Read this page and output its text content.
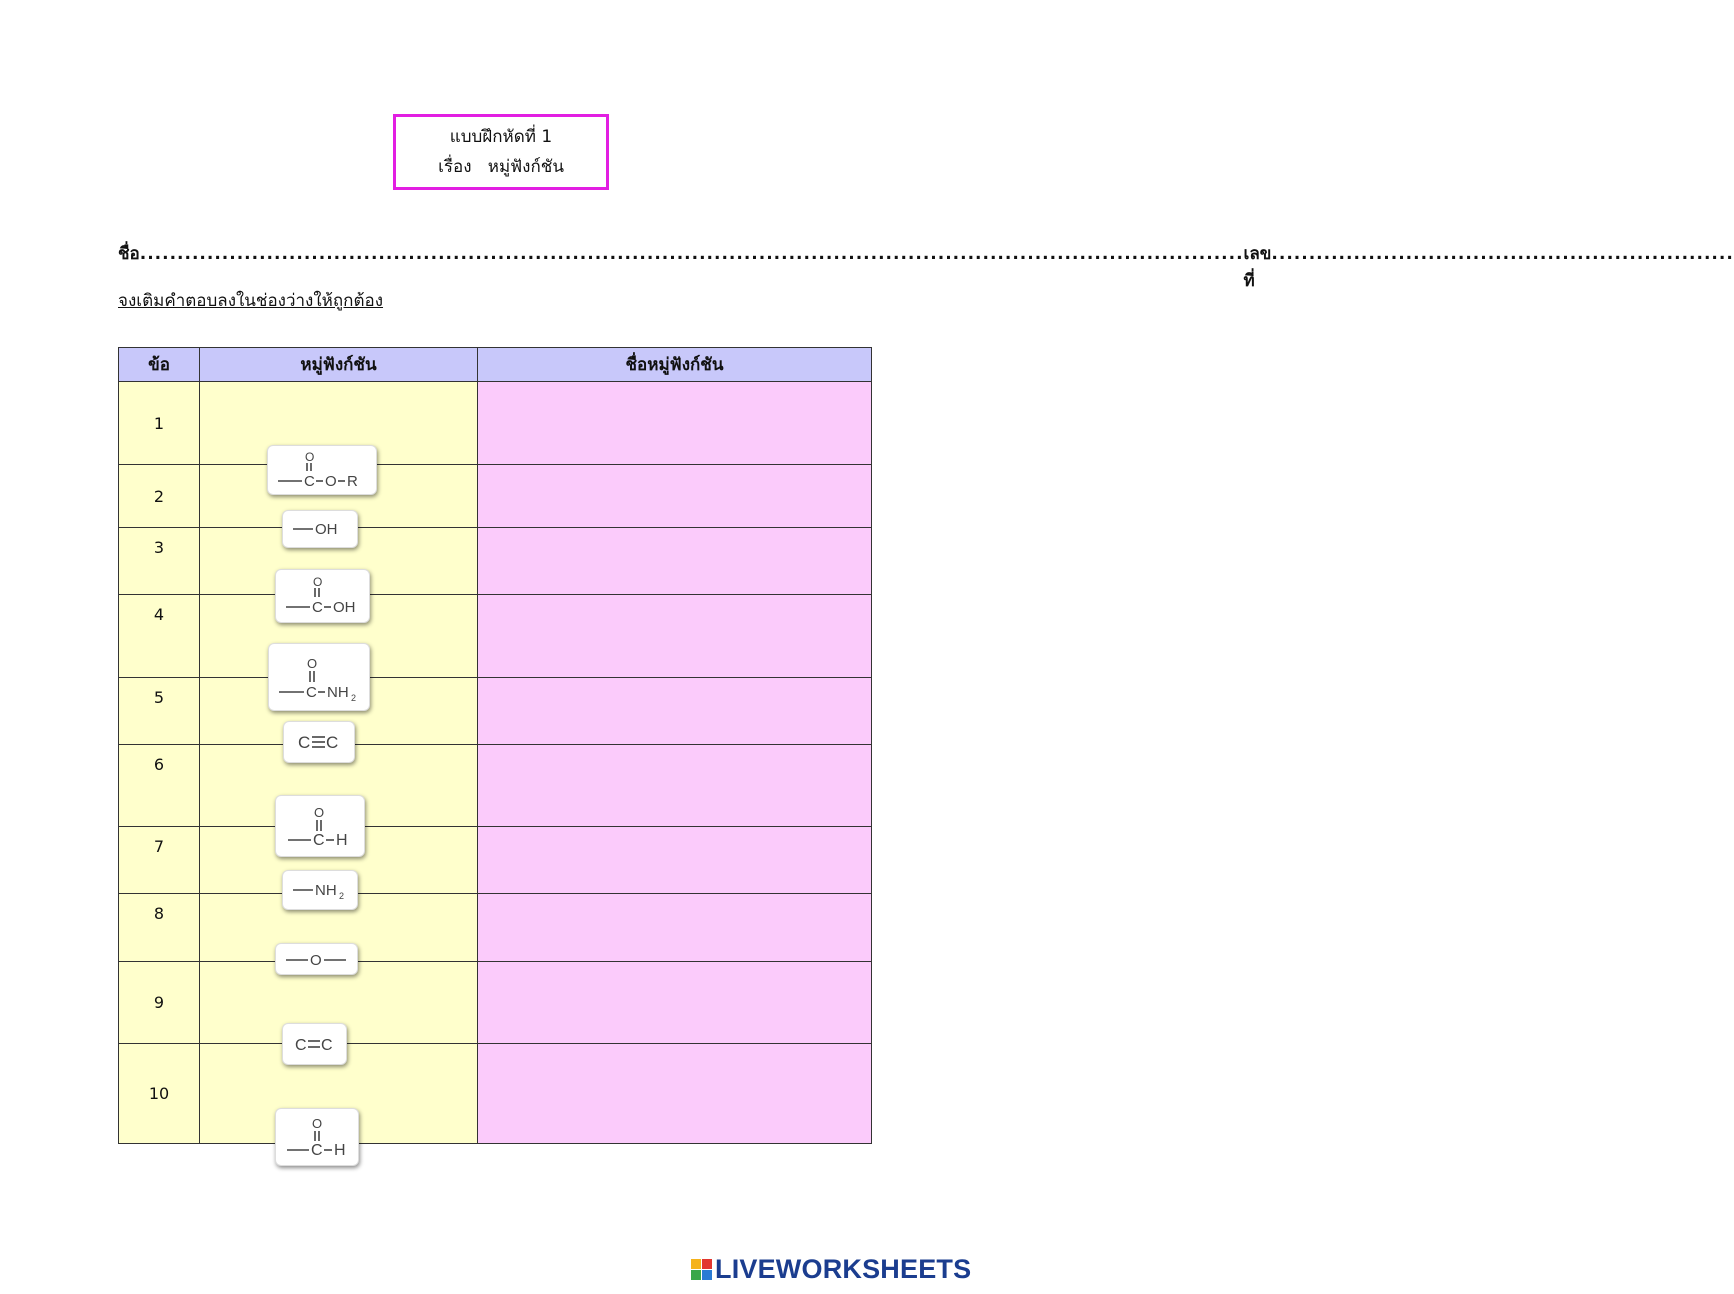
แบบฝึกหัดที่ 1
เรื่อง หมู่ฟังก์ชัน
ชื่อ .................................................................................................................................................... เลขที่
..............................................................
จงเติมคำตอบลงในช่องว่างให้ถูกต้อง
ข้อ	หมู่ฟังก์ชัน	ชื่อหมู่ฟังก์ชัน
1	O
C O R	

2	OH	

3	O
C OH	

4	O
C NH 2	

5	C C	

6	O
C H	

7	NH 2	

8	O	

9	C C	

10	O
C H	

LIVEWORKSHEETS
